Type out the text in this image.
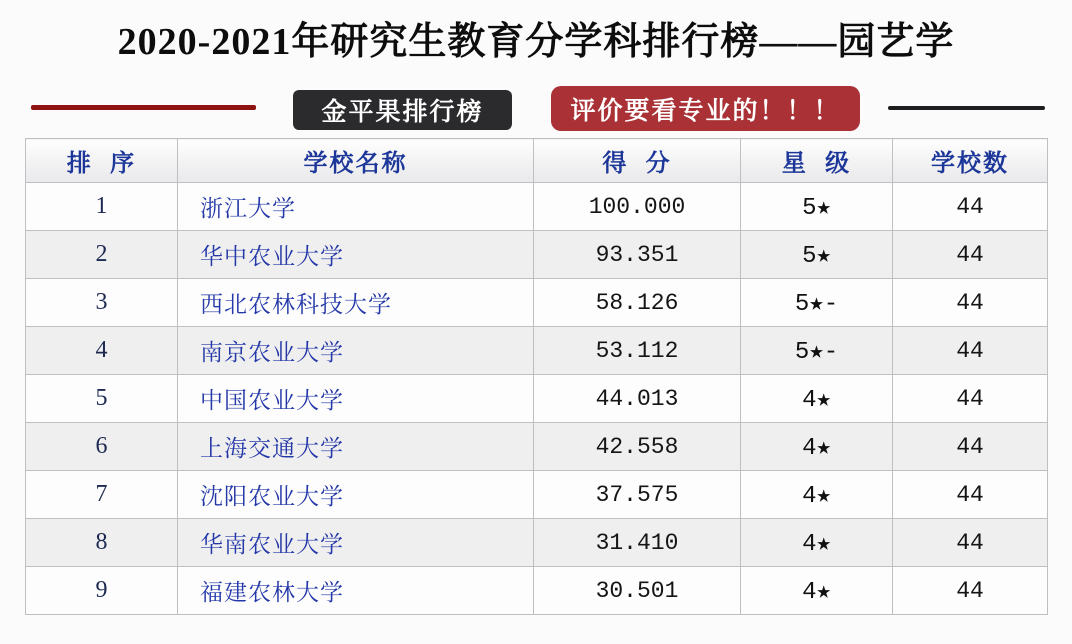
2020-2021年研究生教育分学科排行榜——园艺学
金平果排行榜	评价要看专业的！！！
排  序	学校名称	得  分	星  级	学校数
1	浙江大学	100.000	5★	44
2	华中农业大学	93.351	5★	44
3	西北农林科技大学	58.126	5★-	44
4	南京农业大学	53.112	5★-	44
5	中国农业大学	44.013	4★	44
6	上海交通大学	42.558	4★	44
7	沈阳农业大学	37.575	4★	44
8	华南农业大学	31.410	4★	44
9	福建农林大学	30.501	4★	44
